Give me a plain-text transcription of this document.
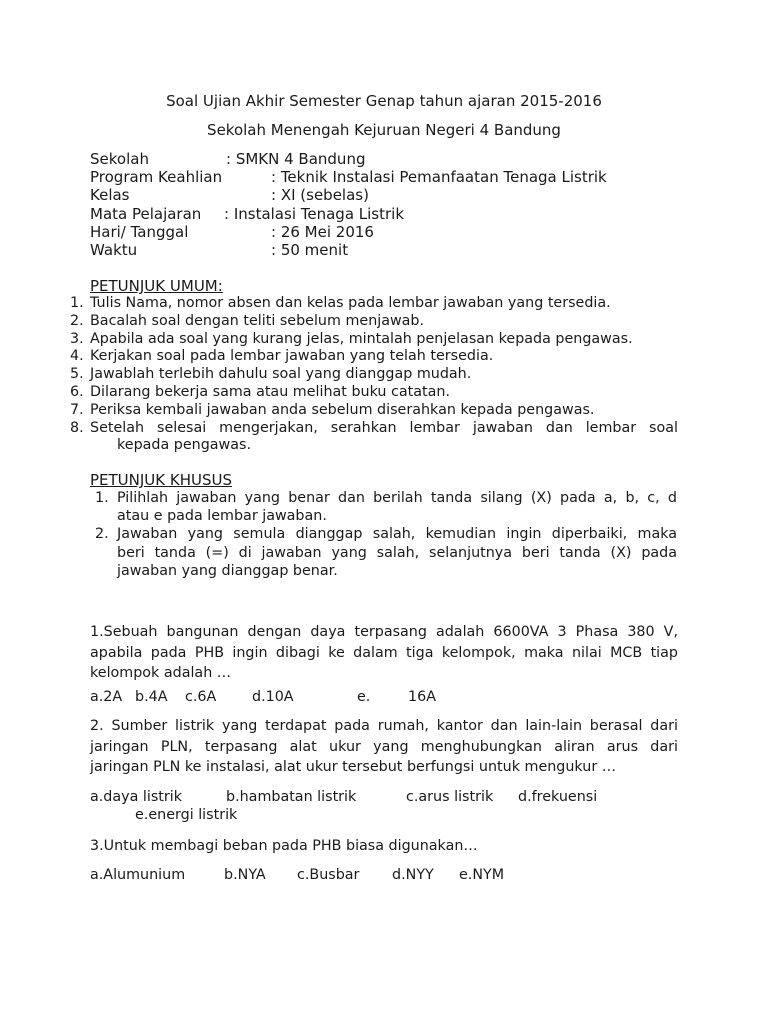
Soal Ujian Akhir Semester Genap tahun ajaran 2015-2016
Sekolah Menengah Kejuruan Negeri 4 Bandung
Sekolah	: SMKN 4 Bandung
Program Keahlian	: Teknik Instalasi Pemanfaatan Tenaga Listrik
Kelas	: XI (sebelas)
Mata Pelajaran	: Instalasi Tenaga Listrik
Hari/ Tanggal	: 26 Mei 2016
Waktu	: 50 menit
PETUNJUK UMUM:
1. Tulis Nama, nomor absen dan kelas pada lembar jawaban yang tersedia.
2. Bacalah soal dengan teliti sebelum menjawab.
3. Apabila ada soal yang kurang jelas, mintalah penjelasan kepada pengawas.
4. Kerjakan soal pada lembar jawaban yang telah tersedia.
5. Jawablah terlebih dahulu soal yang dianggap mudah.
6. Dilarang bekerja sama atau melihat buku catatan.
7. Periksa kembali jawaban anda sebelum diserahkan kepada pengawas.
8. Setelah selesai mengerjakan, serahkan lembar jawaban dan lembar soal
kepada pengawas.
PETUNJUK KHUSUS
1. Pilihlah jawaban yang benar dan berilah tanda silang (X) pada a, b, c, d
atau e pada lembar jawaban.
2. Jawaban yang semula dianggap salah, kemudian ingin diperbaiki, maka
beri tanda (=) di jawaban yang salah, selanjutnya beri tanda (X) pada
jawaban yang dianggap benar.

1.Sebuah bangunan dengan daya terpasang adalah 6600VA 3 Phasa 380 V,
apabila pada PHB ingin dibagi ke dalam tiga kelompok, maka nilai MCB tiap
kelompok adalah …

a.2A b.4A c.6A d.10A	e.	16A

2. Sumber listrik yang terdapat pada rumah, kantor dan lain-lain berasal dari
jaringan PLN, terpasang alat ukur yang menghubungkan aliran arus dari
jaringan PLN ke instalasi, alat ukur tersebut berfungsi untuk mengukur …

a.daya listrik	b.hambatan listrik	c.arus listrik d.frekuensi
e.energi listrik

3.Untuk membagi beban pada PHB biasa digunakan…

a.Alumunium	b.NYA c.Busbar d.NYY e.NYM
